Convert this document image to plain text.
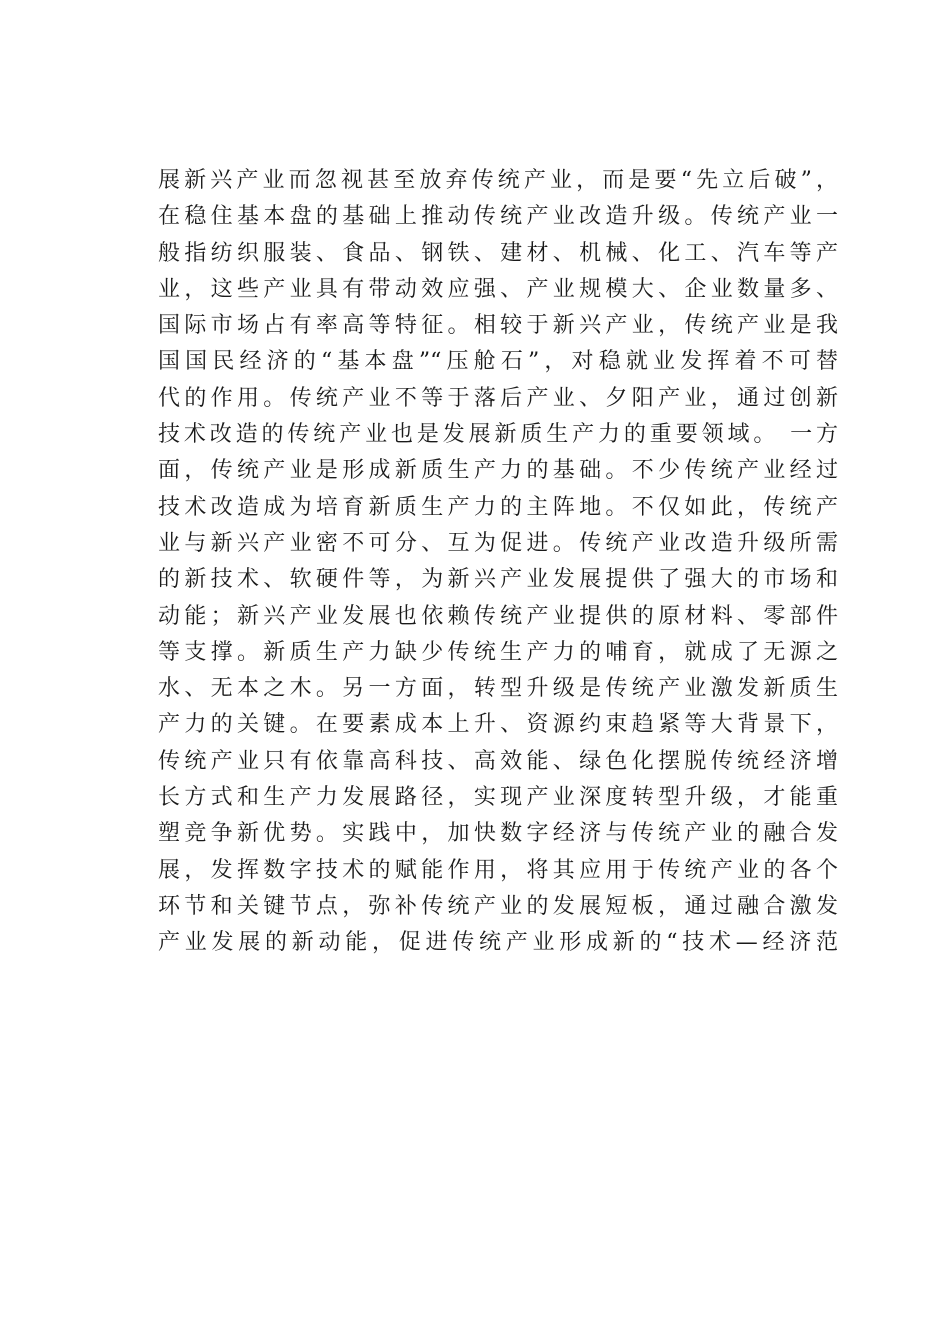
展新兴产业而忽视甚至放弃传统产业，而是要“先立后破”，
在稳住基本盘的基础上推动传统产业改造升级。传统产业一
般指纺织服装、食品、钢铁、建材、机械、化工、汽车等产
业，这些产业具有带动效应强、产业规模大、企业数量多、
国际市场占有率高等特征。相较于新兴产业，传统产业是我
国国民经济的“基本盘”“压舱石”，对稳就业发挥着不可替
代的作用。传统产业不等于落后产业、夕阳产业，通过创新
技术改造的传统产业也是发展新质生产力的重要领域。 一方
面，传统产业是形成新质生产力的基础。不少传统产业经过
技术改造成为培育新质生产力的主阵地。不仅如此，传统产
业与新兴产业密不可分、互为促进。传统产业改造升级所需
的新技术、软硬件等，为新兴产业发展提供了强大的市场和
动能；新兴产业发展也依赖传统产业提供的原材料、零部件
等支撑。新质生产力缺少传统生产力的哺育，就成了无源之
水、无本之木。另一方面，转型升级是传统产业激发新质生
产力的关键。在要素成本上升、资源约束趋紧等大背景下，
传统产业只有依靠高科技、高效能、绿色化摆脱传统经济增
长方式和生产力发展路径，实现产业深度转型升级，才能重
塑竞争新优势。实践中，加快数字经济与传统产业的融合发
展，发挥数字技术的赋能作用，将其应用于传统产业的各个
环节和关键节点，弥补传统产业的发展短板，通过融合激发
产业发展的新动能，促进传统产业形成新的“技术—经济范
